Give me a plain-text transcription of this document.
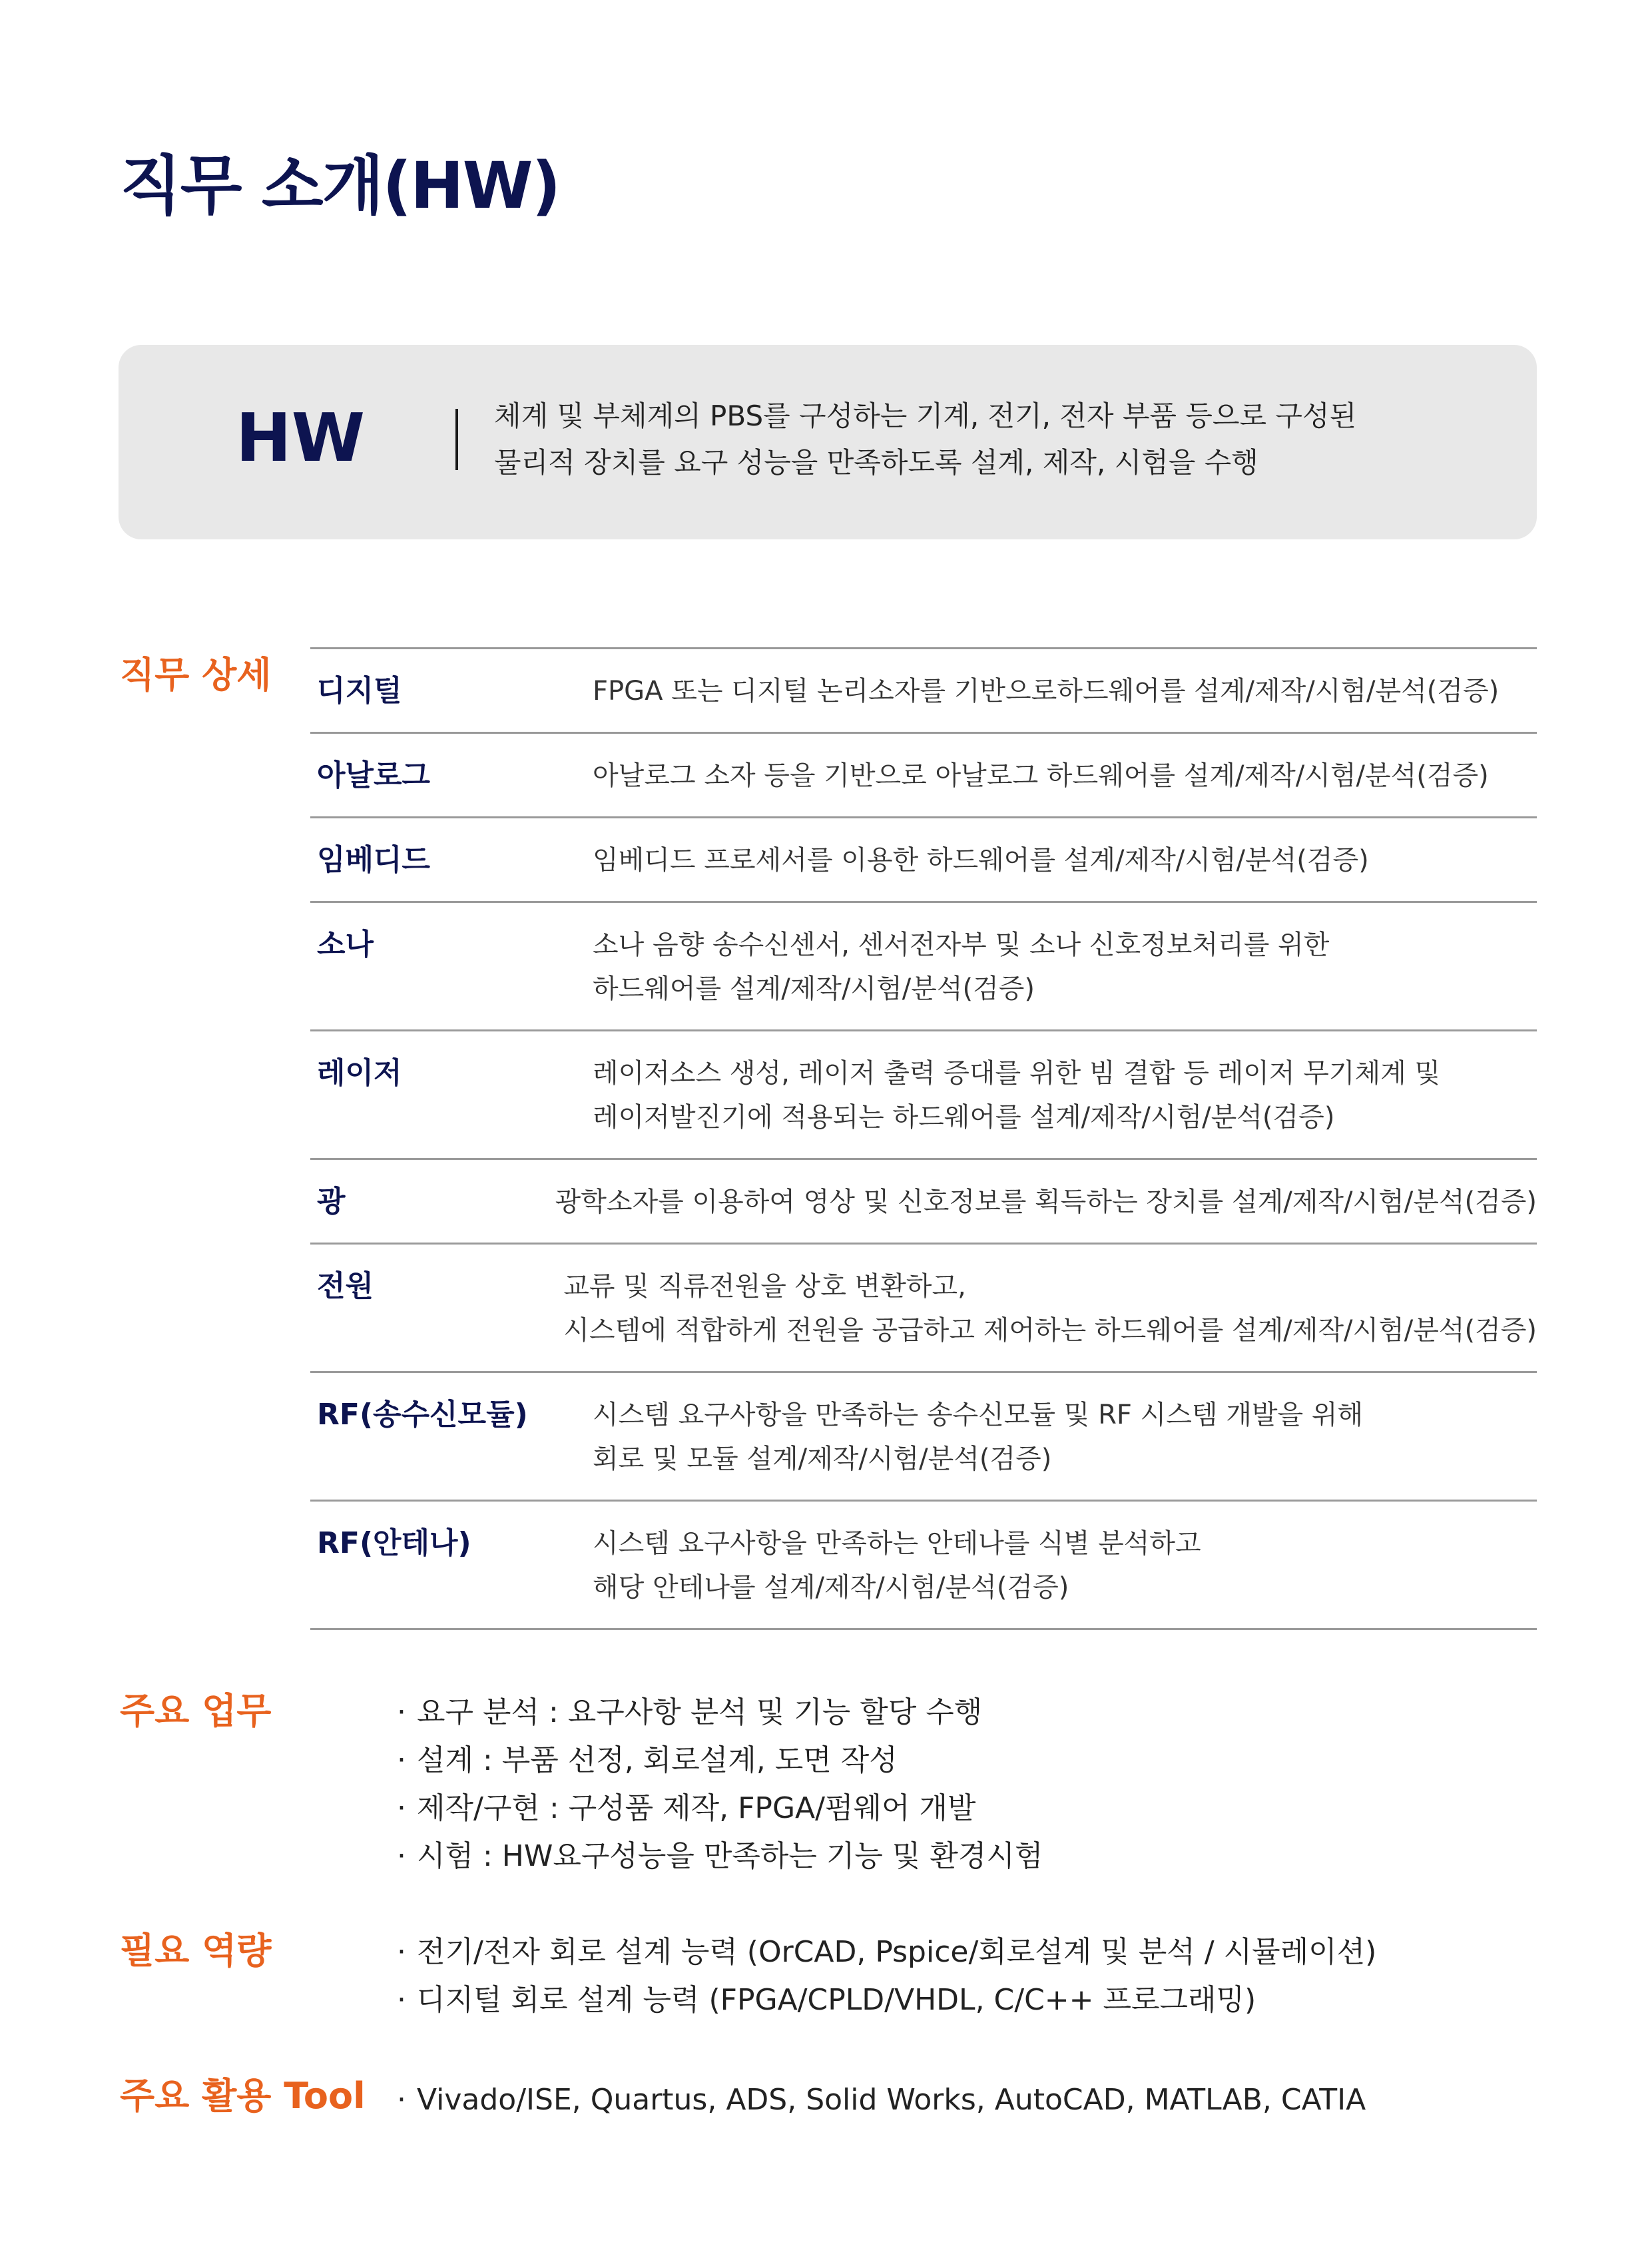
직무 소개(HW)
HW	체계 및 부체계의 PBS를 구성하는 기계, 전기, 전자 부품 등으로 구성된
물리적 장치를 요구 성능을 만족하도록 설계, 제작, 시험을 수행
직무 상세 디지털	FPGA 또는 디지털 논리소자를 기반으로하드웨어를 설계/제작/시험/분석(검증)
아날로그	아날로그 소자 등을 기반으로 아날로그 하드웨어를 설계/제작/시험/분석(검증)
임베디드	임베디드 프로세서를 이용한 하드웨어를 설계/제작/시험/분석(검증)
소나	소나 음향 송수신센서, 센서전자부 및 소나 신호정보처리를 위한
하드웨어를 설계/제작/시험/분석(검증)
레이저	레이저소스 생성, 레이저 출력 증대를 위한 빔 결합 등 레이저 무기체계 및
레이저발진기에 적용되는 하드웨어를 설계/제작/시험/분석(검증)
광	광학소자를 이용하여 영상 및 신호정보를 획득하는 장치를 설계/제작/시험/분석(검증)
전원	교류 및 직류전원을 상호 변환하고,
시스템에 적합하게 전원을 공급하고 제어하는 하드웨어를 설계/제작/시험/분석(검증)
RF(송수신모듈)	시스템 요구사항을 만족하는 송수신모듈 및 RF 시스템 개발을 위해
회로 및 모듈 설계/제작/시험/분석(검증)
RF(안테나)	시스템 요구사항을 만족하는 안테나를 식별 분석하고
해당 안테나를 설계/제작/시험/분석(검증)
주요 업무	· 요구 분석 : 요구사항 분석 및 기능 할당 수행
· 설계 : 부품 선정, 회로설계, 도면 작성
· 제작/구현 : 구성품 제작, FPGA/펌웨어 개발
· 시험 : HW요구성능을 만족하는 기능 및 환경시험
필요 역량	· 전기/전자 회로 설계 능력 (OrCAD, Pspice/회로설계 및 분석 / 시뮬레이션)
· 디지털 회로 설계 능력 (FPGA/CPLD/VHDL, C/C++ 프로그래밍)
주요 활용 Tool · Vivado/ISE, Quartus, ADS, Solid Works, AutoCAD, MATLAB, CATIA
